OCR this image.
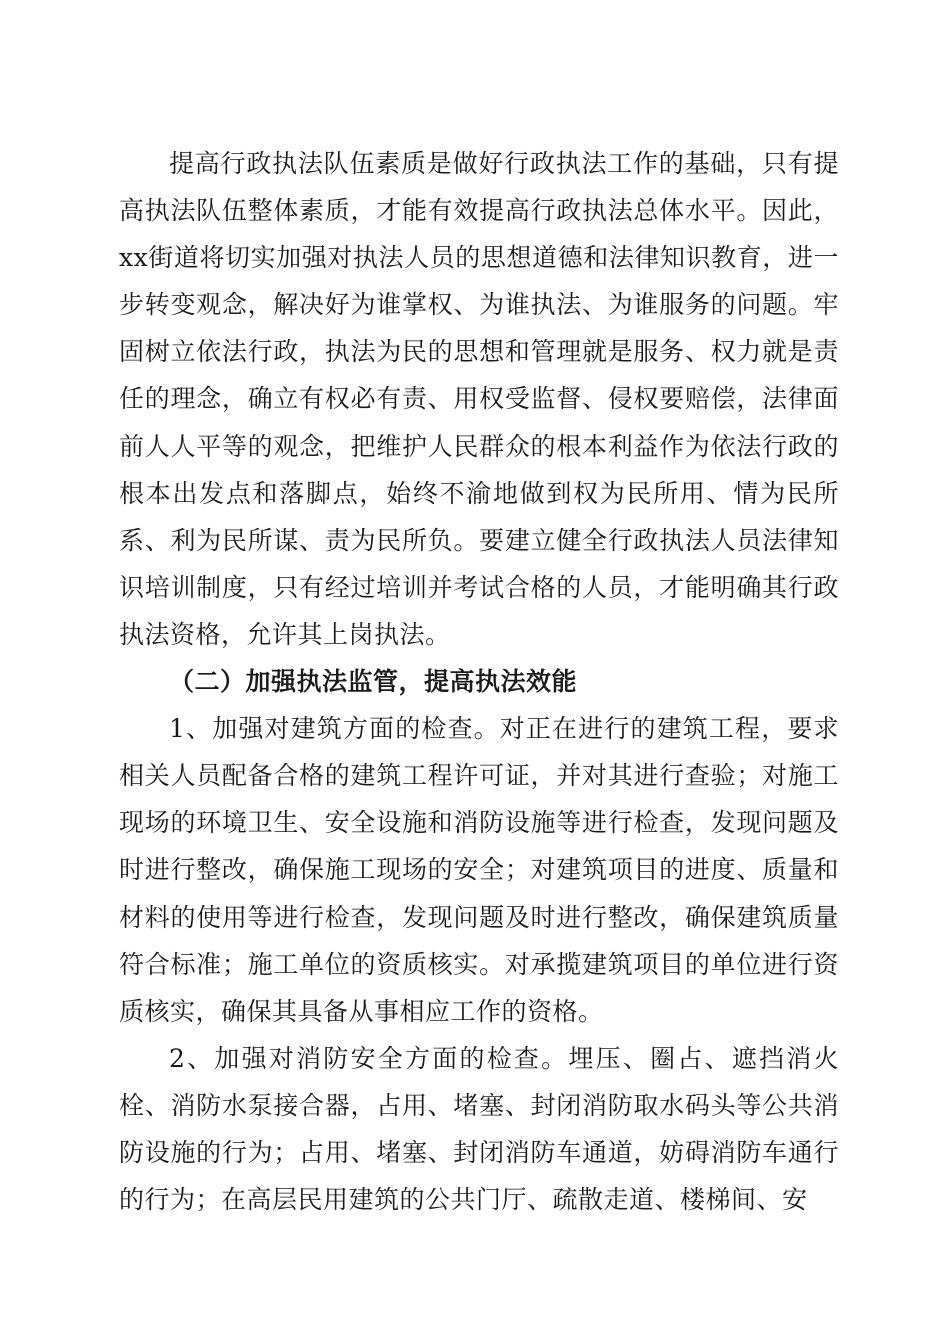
提高行政执法队伍素质是做好行政执法工作的基础，只有提高执法队伍整体素质，才能有效提高行政执法总体水平。因此，xx街道将切实加强对执法人员的思想道德和法律知识教育，进一步转变观念，解决好为谁掌权、为谁执法、为谁服务的问题。牢固树立依法行政，执法为民的思想和管理就是服务、权力就是责任的理念，确立有权必有责、用权受监督、侵权要赔偿，法律面前人人平等的观念，把维护人民群众的根本利益作为依法行政的根本出发点和落脚点，始终不渝地做到权为民所用、情为民所系、利为民所谋、责为民所负。要建立健全行政执法人员法律知识培训制度，只有经过培训并考试合格的人员，才能明确其行政执法资格，允许其上岗执法。

（二）加强执法监管，提高执法效能

1、加强对建筑方面的检查。对正在进行的建筑工程，要求相关人员配备合格的建筑工程许可证，并对其进行查验；对施工现场的环境卫生、安全设施和消防设施等进行检查，发现问题及时进行整改，确保施工现场的安全；对建筑项目的进度、质量和材料的使用等进行检查，发现问题及时进行整改，确保建筑质量符合标准；施工单位的资质核实。对承揽建筑项目的单位进行资质核实，确保其具备从事相应工作的资格。

2、加强对消防安全方面的检查。埋压、圈占、遮挡消火栓、消防水泵接合器，占用、堵塞、封闭消防取水码头等公共消防设施的行为；占用、堵塞、封闭消防车通道，妨碍消防车通行的行为；在高层民用建筑的公共门厅、疏散走道、楼梯间、安
